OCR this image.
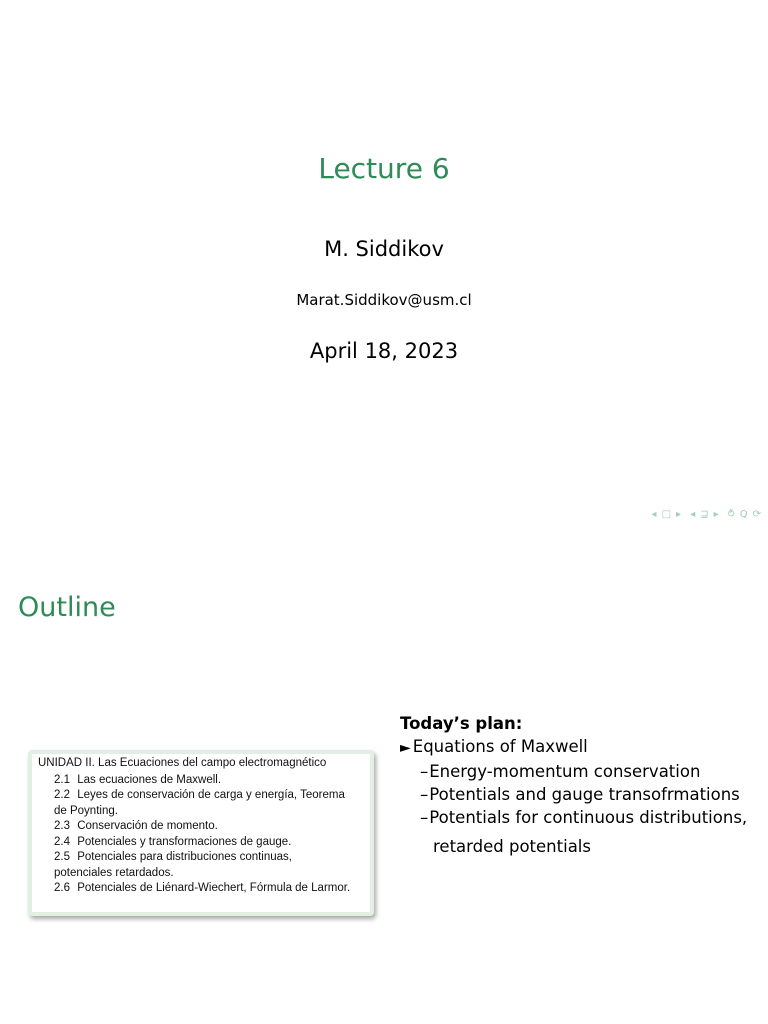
Lecture 6
M. Siddikov
Marat.Siddikov@usm.cl
April 18, 2023
◂ □ ▸ ◂ ⊒ ▸ ⥁ Q ⟳
Outline
UNIDAD II. Las Ecuaciones del campo electromagnético
2.1 Las ecuaciones de Maxwell.
2.2 Leyes de conservación de carga y energía, Teorema
de Poynting.
2.3 Conservación de momento.
2.4 Potenciales y transformaciones de gauge.
2.5 Potenciales para distribuciones continuas,
potenciales retardados.
2.6 Potenciales de Liénard-Wiechert, Fórmula de Larmor.
Today’s plan:
► Equations of Maxwell
–Energy-momentum conservation
–Potentials and gauge transofrmations
–Potentials for continuous distributions,
retarded potentials
